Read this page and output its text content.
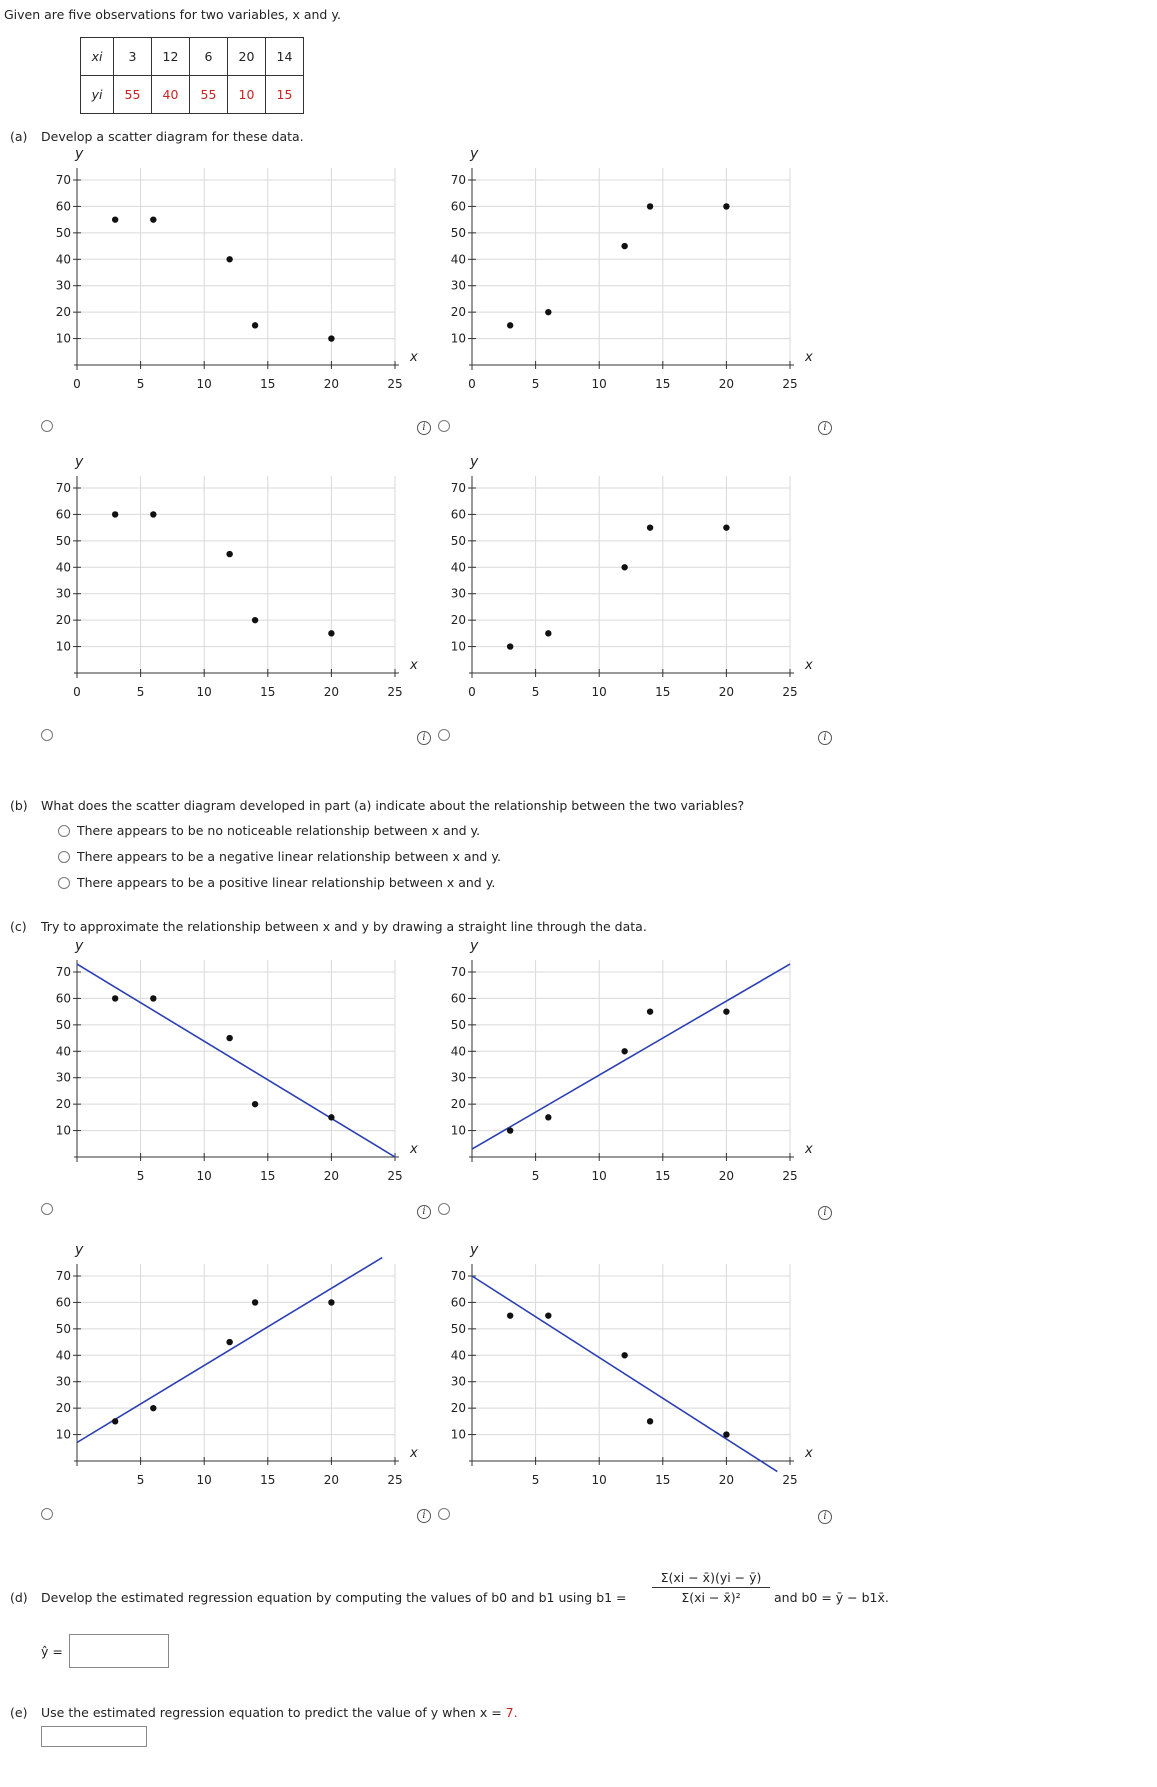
Given are five observations for two variables, x and y.
xi	3	12	6	20	14
yi	55	40	55	10	15
(a) Develop a scatter diagram for these data.
10
20
30
40
50
60
70
0	5	10	15	20	25
x
y
10
20
30
40
50
60
70
0	5	10	15	20	25
x
y
10
20
30
40
50
60
70
0	5	10	15	20	25
x
y
10
20
30
40
50
60
70
0	5	10	15	20	25
x
y
i	i
i	i
(b) What does the scatter diagram developed in part (a) indicate about the relationship between the two variables?
There appears to be no noticeable relationship between x and y.
There appears to be a negative linear relationship between x and y.
There appears to be a positive linear relationship between x and y.
(c) Try to approximate the relationship between x and y by drawing a straight line through the data.
10
20
30
40
50
60
70
5	10	15	20	25
x
y
10
20
30
40
50
60
70
5	10	15	20	25
x
y
10
20
30
40
50
60
70
5	10	15	20	25
x
y
10
20
30
40
50
60
70
5	10	15	20	25
x
y
i	i
i	i
(d) Develop the estimated regression equation by computing the values of b0 and b1 using b1 =
Σ(xi − x̄)(yi − ȳ)
Σ(xi − x̄)²	and b0 = ȳ − b1x̄.
ŷ =
(e) Use the estimated regression equation to predict the value of y when x = 7.
